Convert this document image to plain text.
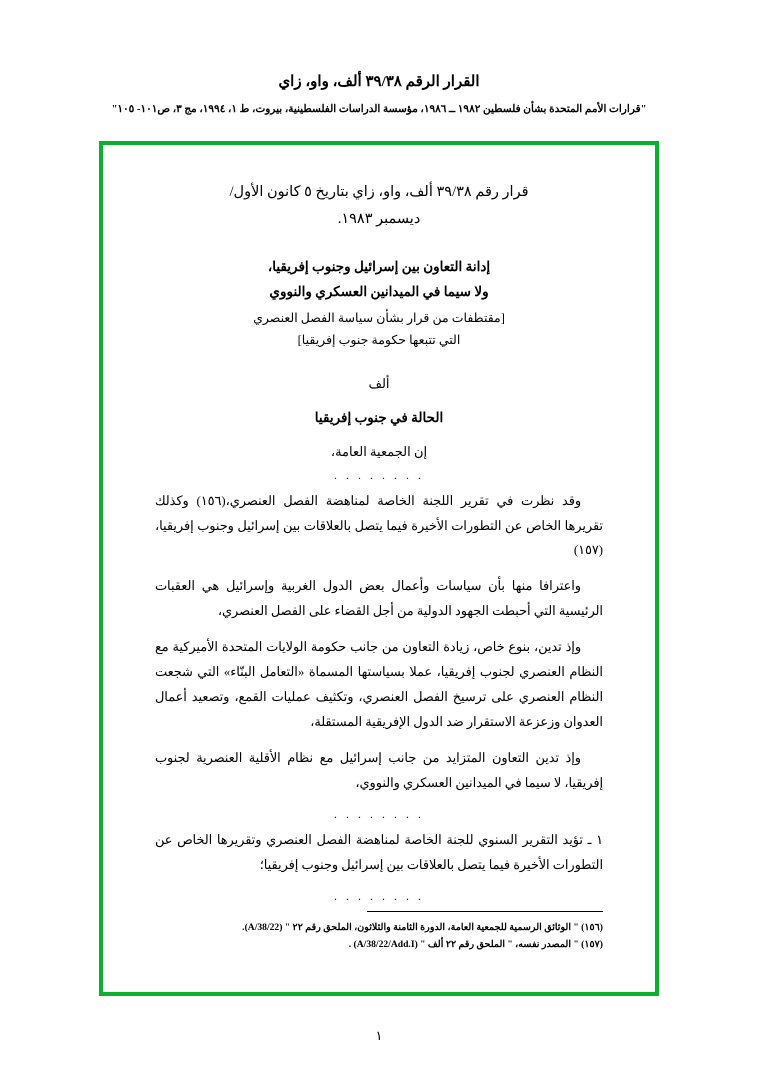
القرار الرقم ٣٩/٣٨ ألف، واو، زاي
"قرارات الأمم المتحدة بشأن فلسطين ١٩٨٢ ــ ١٩٨٦، مؤسسة الدراسات الفلسطينية، بيروت، ط ١، ١٩٩٤، مج ٣، ص١٠١- ١٠٥"
قرار رقم ٣٩/٣٨ ألف، واو، زاي بتاريخ ٥ كانون الأول/
ديسمبر ١٩٨٣.
إدانة التعاون بين إسرائيل وجنوب إفريقيا،
ولا سيما في الميدانين العسكري والنووي
[مقتطفات من قرار بشأن سياسة الفصل العنصري
التي تتبعها حكومة جنوب إفريقيا]
ألف
الحالة في جنوب إفريقيا
إن الجمعية العامة،
. . . . . . . .

وقد نظرت في تقرير اللجنة الخاصة لمناهضة الفصل العنصري،(١٥٦) وكذلك تقريرها الخاص عن التطورات الأخيرة فيما يتصل بالعلاقات بين إسرائيل وجنوب إفريقيا،(١٥٧)

واعترافا منها بأن سياسات وأعمال بعض الدول الغربية وإسرائيل هي العقبات الرئيسية التي أحبطت الجهود الدولية من أجل القضاء على الفصل العنصري،

وإذ تدين، بنوع خاص، زيادة التعاون من جانب حكومة الولايات المتحدة الأميركية مع النظام العنصري لجنوب إفريقيا، عملا بسياستها المسماة «التعامل البنّاء» التي شجعت النظام العنصري على ترسيخ الفصل العنصري، وتكثيف عمليات القمع، وتصعيد أعمال العدوان وزعزعة الاستقرار ضد الدول الإفريقية المستقلة،

وإذ تدين التعاون المتزايد من جانب إسرائيل مع نظام الأقلية العنصرية لجنوب إفريقيا، لا سيما في الميدانين العسكري والنووي،

. . . . . . . .

١ ـ تؤيد التقرير السنوي للجنة الخاصة لمناهضة الفصل العنصري وتقريرها الخاص عن التطورات الأخيرة فيما يتصل بالعلاقات بين إسرائيل وجنوب إفريقيا؛

. . . . . . . .
(١٥٦) " الوثائق الرسمية للجمعية العامة، الدورة الثامنة والثلاثون، الملحق رقم ٢٢ " (A/38/22).
(١٥٧) " المصدر نفسه، " الملحق رقم ٢٢ ألف " (A/38/22/Add.I) .
١
